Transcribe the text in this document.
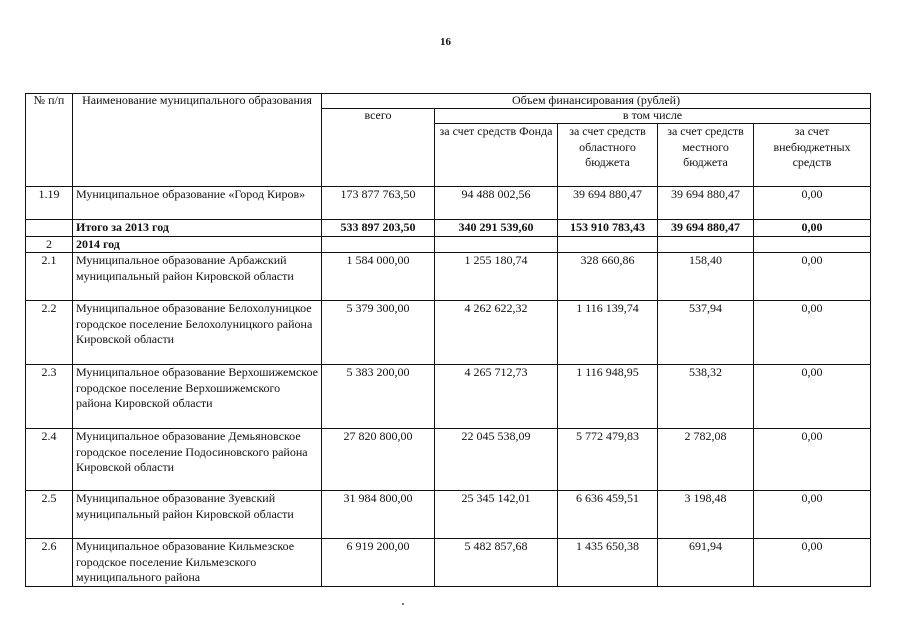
16
№ п/п	Наименование муниципального образования	Объем финансирования (рублей)				
		всего	в том числе			
			за счет средств Фонда	за счет средств областного бюджета	за счет средств местного бюджета	за счет внебюджетных средств
1.19	Муниципальное образование «Город Киров»	173 877 763,50	94 488 002,56	39 694 880,47	39 694 880,47	0,00
	Итого за 2013 год	533 897 203,50	340 291 539,60	153 910 783,43	39 694 880,47	0,00
2	2014 год					
2.1	Муниципальное образование Арбажский муниципальный район Кировской области	1 584 000,00	1 255 180,74	328 660,86	158,40	0,00
2.2	Муниципальное образование Белохолуницкое городское поселение Белохолуницкого района Кировской области	5 379 300,00	4 262 622,32	1 116 139,74	537,94	0,00
2.3	Муниципальное образование Верхошижемское городское поселение Верхошижемского района Кировской области	5 383 200,00	4 265 712,73	1 116 948,95	538,32	0,00
2.4	Муниципальное образование Демьяновское городское поселение Подосиновского района Кировской области	27 820 800,00	22 045 538,09	5 772 479,83	2 782,08	0,00
2.5	Муниципальное образование Зуевский муниципальный район Кировской области	31 984 800,00	25 345 142,01	6 636 459,51	3 198,48	0,00
2.6	Муниципальное образование Кильмезское городское поселение Кильмезского муниципального района	6 919 200,00	5 482 857,68	1 435 650,38	691,94	0,00
